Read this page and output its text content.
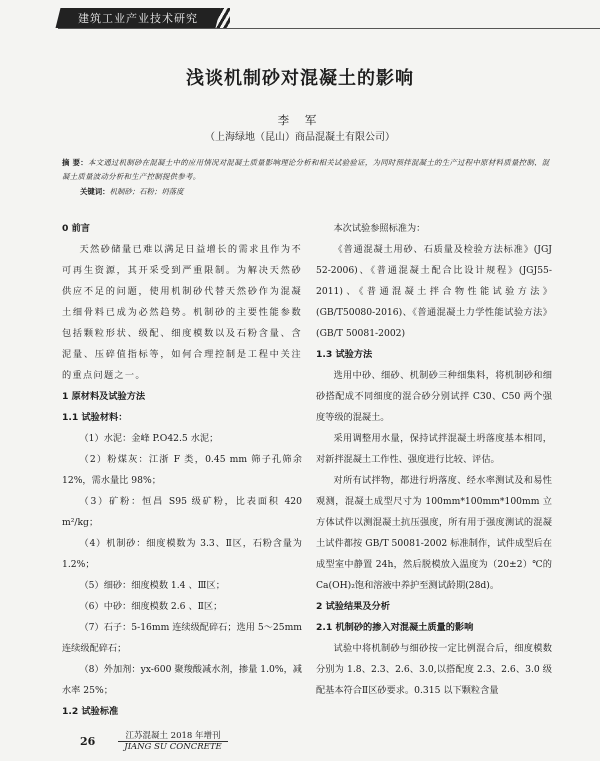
建筑工业产业技术研究
浅谈机制砂对混凝土的影响
李 军
（上海绿地（昆山）商品混凝土有限公司）
摘 要：本文通过机制砂在混凝土中的应用情况对混凝土质量影响理论分析和相关试验验证，为同时预拌混凝土的生产过程中原材料质量控制、混凝土质量波动分析和生产控制提供参考。
关键词：机制砂；石粉；坍落度

0 前言

天然砂储量已难以满足日益增长的需求且作为不可再生资源，其开采受到严重限制。为解决天然砂供应不足的问题，使用机制砂代替天然砂作为混凝土细骨料已成为必然趋势。机制砂的主要性能参数包括颗粒形状、级配、细度模数以及石粉含量、含泥量、压碎值指标等，如何合理控制是工程中关注的重点问题之一。

1 原材料及试验方法

1.1 试验材料：

（1）水泥：金峰 P.O42.5 水泥；

（2）粉煤灰：江浙 F 类，0.45 mm 筛子孔筛余 12%，需水量比 98%；

（3）矿粉：恒昌 S95 级矿粉，比表面积 420 m²/kg；

（4）机制砂：细度模数为 3.3、Ⅱ区，石粉含量为 1.2%；

（5）细砂：细度模数 1.4 、Ⅲ区；

（6）中砂：细度模数 2.6 、Ⅱ区；

（7）石子：5-16mm 连续级配碎石；选用 5～25mm 连续级配碎石；

（8）外加剂：yx-600 聚羧酸减水剂，掺量 1.0%，减水率 25%；

1.2 试验标准

本次试验参照标准为：

《普通混凝土用砂、石质量及检验方法标准》(JGJ 52-2006)、《普通混凝土配合比设计规程》(JGJ55-2011)、《普通混凝土拌合物性能试验方法》(GB/T50080-2016)、《普通混凝土力学性能试验方法》(GB/T 50081-2002)

1.3 试验方法

选用中砂、细砂、机制砂三种细集料，将机制砂和细砂搭配成不同细度的混合砂分别试拌 C30、C50 两个强度等级的混凝土。

采用调整用水量，保持试拌混凝土坍落度基本相同，对新拌混凝土工作性、强度进行比较、评估。

对所有试拌物，都进行坍落度、经水率测试及和易性观测，混凝土成型尺寸为 100mm*100mm*100mm 立方体试件以测混凝土抗压强度，所有用于强度测试的混凝土试件都按 GB/T 50081-2002 标准制作，试件成型后在成型室中静置 24h，然后脱模放入温度为（20±2）℃的 Ca(OH)₂饱和溶液中养护至测试龄期(28d)。

2 试验结果及分析

2.1 机制砂的掺入对混凝土质量的影响

试验中将机制砂与细砂按一定比例混合后，细度模数分别为 1.8、2.3、2.6、3.0,以搭配度 2.3、2.6、3.0 级配基本符合Ⅱ区砂要求。0.315 以下颗粒含量

26	江苏混凝土 2018 年增刊
JIANG SU CONCRETE
